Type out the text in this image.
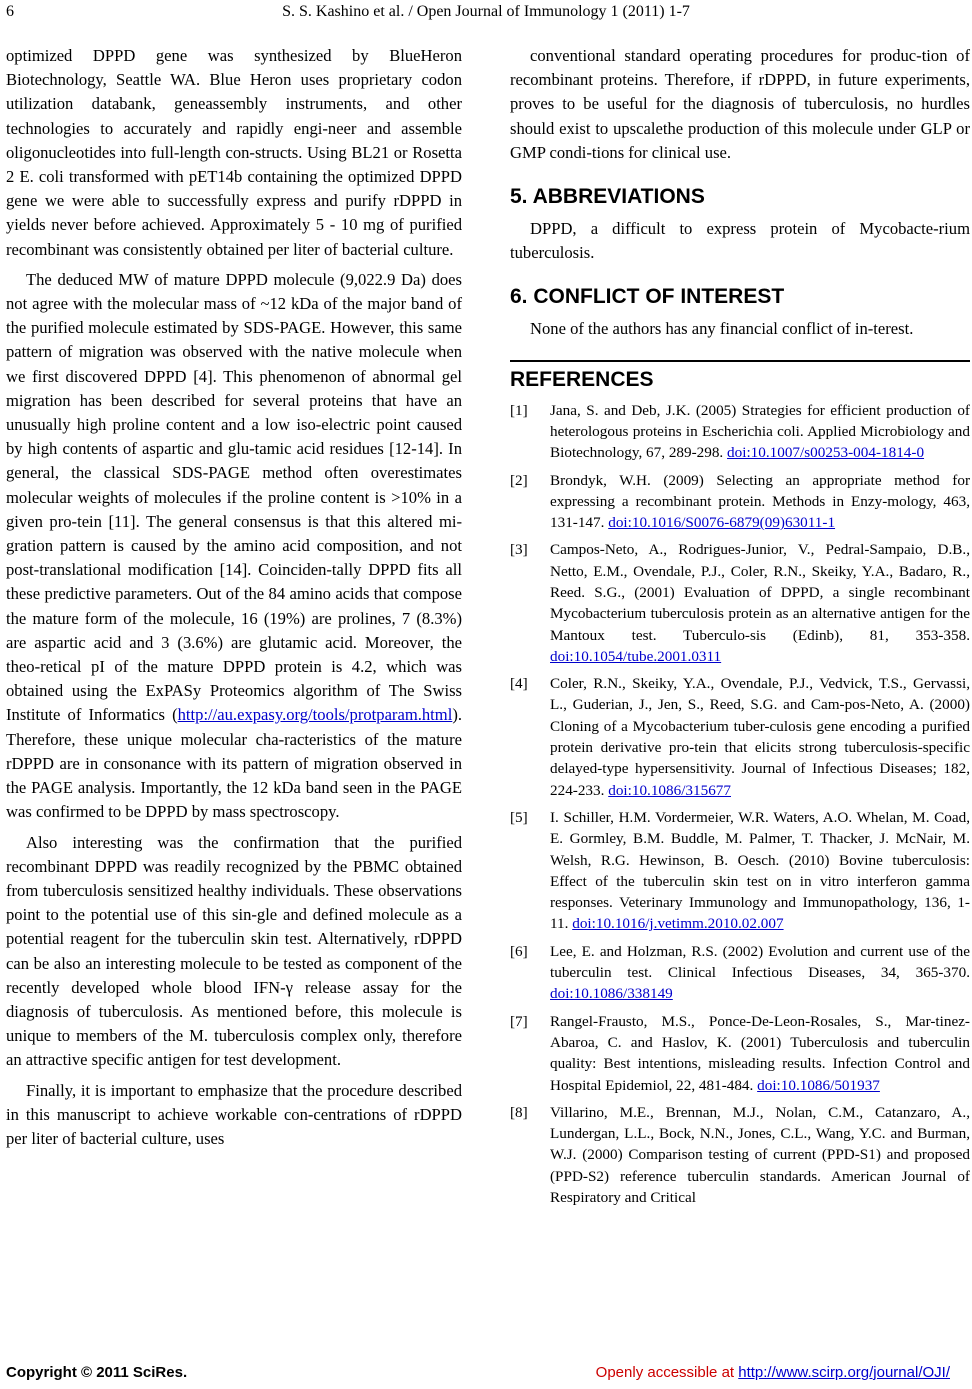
6	S. S. Kashino et al. / Open Journal of Immunology 1 (2011) 1-7

optimized DPPD gene was synthesized by BlueHeron Biotechnology, Seattle WA. Blue Heron uses proprietary codon utilization databank, geneassembly instruments, and other technologies to accurately and rapidly engi-neer and assemble oligonucleotides into full-length con-structs. Using BL21 or Rosetta 2 E. coli transformed with pET14b containing the optimized DPPD gene we were able to successfully express and purify rDPPD in yields never before achieved. Approximately 5 - 10 mg of purified recombinant was consistently obtained per liter of bacterial culture.

The deduced MW of mature DPPD molecule (9,022.9 Da) does not agree with the molecular mass of ~12 kDa of the major band of the purified molecule estimated by SDS-PAGE. However, this same pattern of migration was observed with the native molecule when we first discovered DPPD [4]. This phenomenon of abnormal gel migration has been described for several proteins that have an unusually high proline content and a low iso-electric point caused by high contents of aspartic and glu-tamic acid residues [12-14]. In general, the classical SDS-PAGE method often overestimates molecular weights of molecules if the proline content is >10% in a given pro-tein [11]. The general consensus is that this altered mi-gration pattern is caused by the amino acid composition, and not post-translational modification [14]. Coinciden-tally DPPD fits all these predictive parameters. Out of the 84 amino acids that compose the mature form of the molecule, 16 (19%) are prolines, 7 (8.3%) are aspartic acid and 3 (3.6%) are glutamic acid. Moreover, the theo-retical pI of the mature DPPD protein is 4.2, which was obtained using the ExPASy Proteomics algorithm of The Swiss Institute of Informatics (http://au.expasy.org/tools/protparam.html). Therefore, these unique molecular cha-racteristics of the mature rDPPD are in consonance with its pattern of migration observed in the PAGE analysis. Importantly, the 12 kDa band seen in the PAGE was confirmed to be DPPD by mass spectroscopy.

Also interesting was the confirmation that the purified recombinant DPPD was readily recognized by the PBMC obtained from tuberculosis sensitized healthy individuals. These observations point to the potential use of this sin-gle and defined molecule as a potential reagent for the tuberculin skin test. Alternatively, rDPPD can be also an interesting molecule to be tested as component of the recently developed whole blood IFN-γ release assay for the diagnosis of tuberculosis. As mentioned before, this molecule is unique to members of the M. tuberculosis complex only, therefore an attractive specific antigen for test development.

Finally, it is important to emphasize that the procedure described in this manuscript to achieve workable con-centrations of rDPPD per liter of bacterial culture, uses

conventional standard operating procedures for produc-tion of recombinant proteins. Therefore, if rDPPD, in future experiments, proves to be useful for the diagnosis of tuberculosis, no hurdles should exist to upscalethe production of this molecule under GLP or GMP condi-tions for clinical use.

5. ABBREVIATIONS

DPPD, a difficult to express protein of Mycobacte-rium tuberculosis.

6. CONFLICT OF INTEREST

None of the authors has any financial conflict of in-terest.

REFERENCES
[1]	Jana, S. and Deb, J.K. (2005) Strategies for efficient production of heterologous proteins in Escherichia coli. Applied Microbiology and Biotechnology, 67, 289-298. doi:10.1007/s00253-004-1814-0
[2]	Brondyk, W.H. (2009) Selecting an appropriate method for expressing a recombinant protein. Methods in Enzy-mology, 463, 131-147. doi:10.1016/S0076-6879(09)63011-1
[3]	Campos-Neto, A., Rodrigues-Junior, V., Pedral-Sampaio, D.B., Netto, E.M., Ovendale, P.J., Coler, R.N., Skeiky, Y.A., Badaro, R., Reed. S.G., (2001) Evaluation of DPPD, a single recombinant Mycobacterium tuberculosis protein as an alternative antigen for the Mantoux test. Tuberculo-sis (Edinb), 81, 353-358. doi:10.1054/tube.2001.0311
[4]	Coler, R.N., Skeiky, Y.A., Ovendale, P.J., Vedvick, T.S., Gervassi, L., Guderian, J., Jen, S., Reed, S.G. and Cam-pos-Neto, A. (2000) Cloning of a Mycobacterium tuber-culosis gene encoding a purified protein derivative pro-tein that elicits strong tuberculosis-specific delayed-type hypersensitivity. Journal of Infectious Diseases; 182, 224-233. doi:10.1086/315677
[5]	I. Schiller, H.M. Vordermeier, W.R. Waters, A.O. Whelan, M. Coad, E. Gormley, B.M. Buddle, M. Palmer, T. Thacker, J. McNair, M. Welsh, R.G. Hewinson, B. Oesch. (2010) Bovine tuberculosis: Effect of the tuberculin skin test on in vitro interferon gamma responses. Veterinary Immunology and Immunopathology, 136, 1-11. doi:10.1016/j.vetimm.2010.02.007
[6]	Lee, E. and Holzman, R.S. (2002) Evolution and current use of the tuberculin test. Clinical Infectious Diseases, 34, 365-370. doi:10.1086/338149
[7]	Rangel-Frausto, M.S., Ponce-De-Leon-Rosales, S., Mar-tinez-Abaroa, C. and Haslov, K. (2001) Tuberculosis and tuberculin quality: Best intentions, misleading results. Infection Control and Hospital Epidemiol, 22, 481-484. doi:10.1086/501937
[8]	Villarino, M.E., Brennan, M.J., Nolan, C.M., Catanzaro, A., Lundergan, L.L., Bock, N.N., Jones, C.L., Wang, Y.C. and Burman, W.J. (2000) Comparison testing of current (PPD-S1) and proposed (PPD-S2) reference tuberculin standards. American Journal of Respiratory and Critical
Copyright © 2011 SciRes.	Openly accessible at http://www.scirp.org/journal/OJI/
